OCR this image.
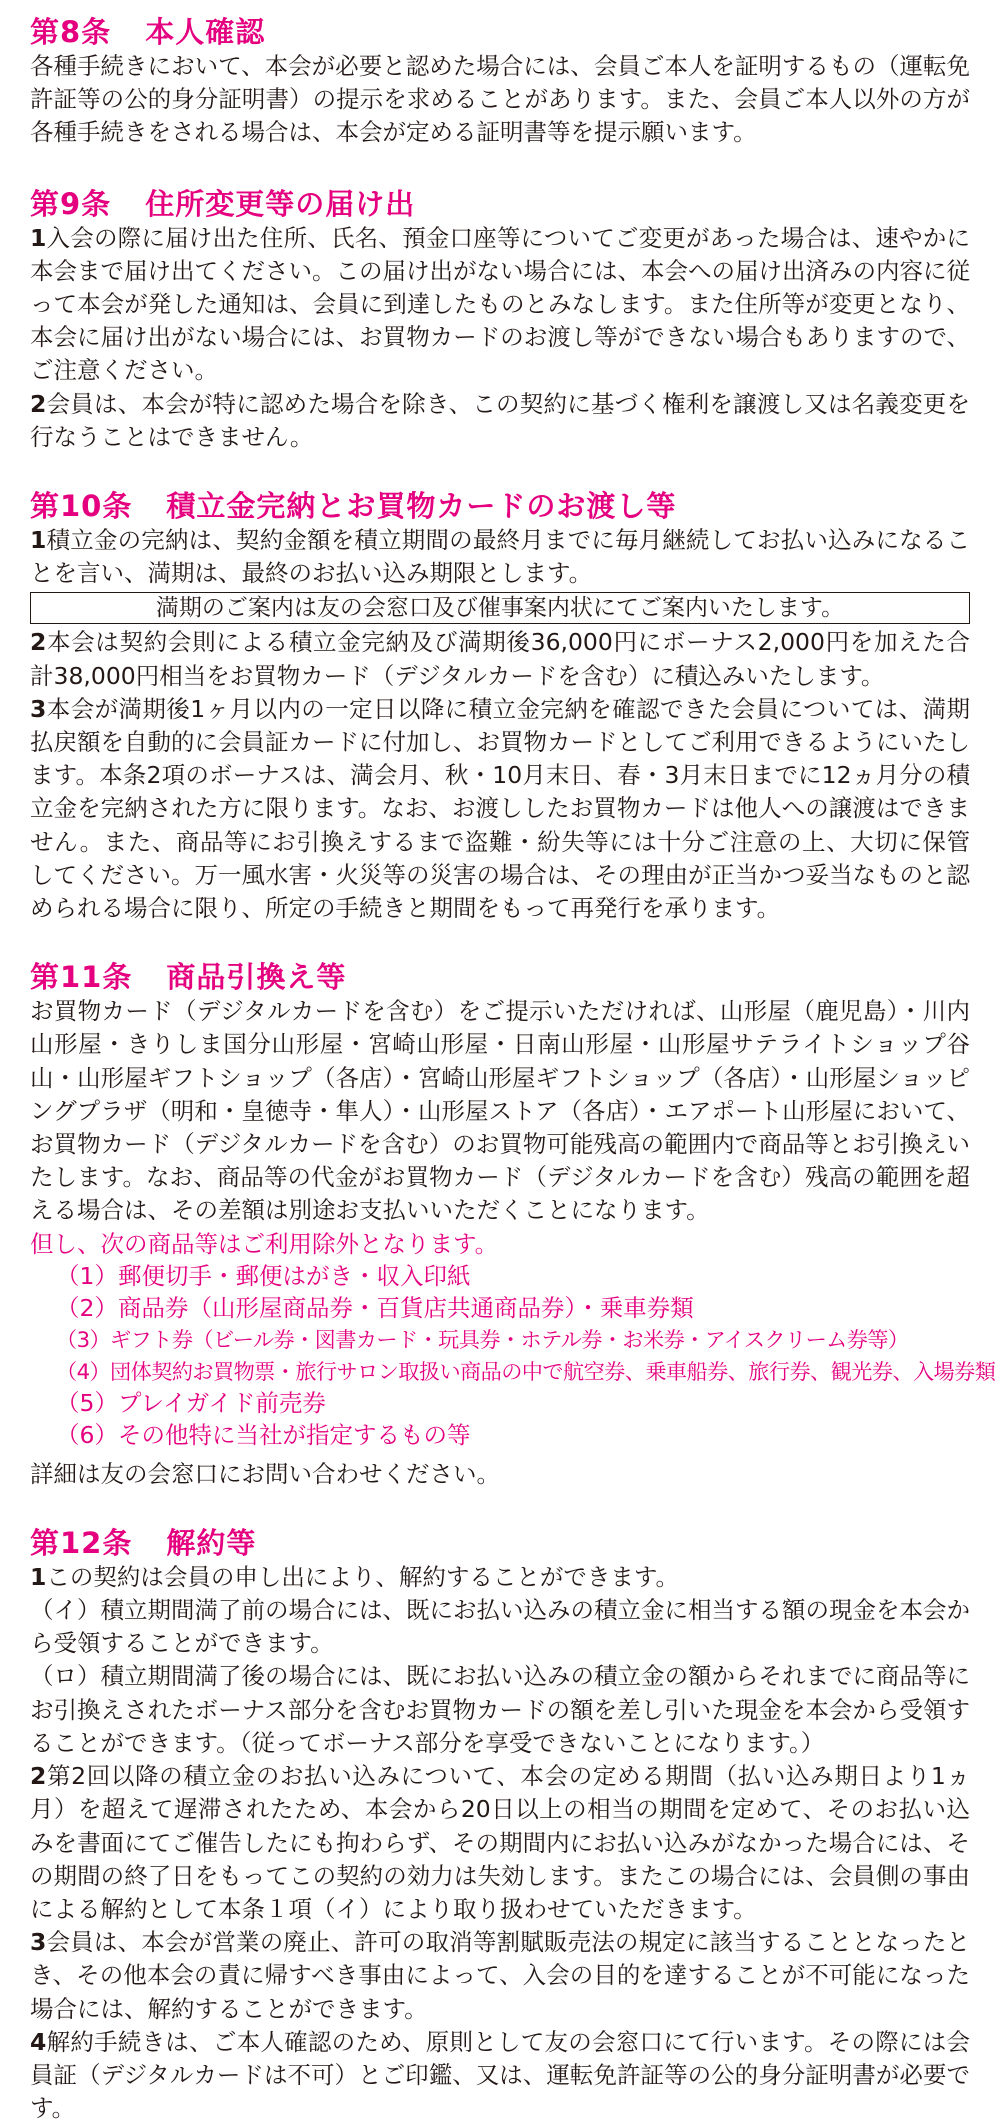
第8条 本人確認

各種手続きにおいて、本会が必要と認めた場合には、会員ご本人を証明するもの（運転免許証等の公的身分証明書）の提示を求めることがあります。また、会員ご本人以外の方が各種手続きをされる場合は、本会が定める証明書等を提示願います。

第9条 住所変更等の届け出

1入会の際に届け出た住所、氏名、預金口座等についてご変更があった場合は、速やかに本会まで届け出てください。この届け出がない場合には、本会への届け出済みの内容に従って本会が発した通知は、会員に到達したものとみなします。また住所等が変更となり、本会に届け出がない場合には、お買物カードのお渡し等ができない場合もありますので、ご注意ください。

2会員は、本会が特に認めた場合を除き、この契約に基づく権利を譲渡し又は名義変更を行なうことはできません。

第10条 積立金完納とお買物カードのお渡し等

1積立金の完納は、契約金額を積立期間の最終月までに毎月継続してお払い込みになることを言い、満期は、最終のお払い込み期限とします。

満期のご案内は友の会窓口及び催事案内状にてご案内いたします。

2本会は契約会則による積立金完納及び満期後36,000円にボーナス2,000円を加えた合計38,000円相当をお買物カード（デジタルカードを含む）に積込みいたします。

3本会が満期後1ヶ月以内の一定日以降に積立金完納を確認できた会員については、満期払戻額を自動的に会員証カードに付加し、お買物カードとしてご利用できるようにいたします。本条2項のボーナスは、満会月、秋・10月末日、春・3月末日までに12ヵ月分の積立金を完納された方に限ります。なお、お渡ししたお買物カードは他人への譲渡はできません。また、商品等にお引換えするまで盗難・紛失等には十分ご注意の上、大切に保管してください。万一風水害・火災等の災害の場合は、その理由が正当かつ妥当なものと認められる場合に限り、所定の手続きと期間をもって再発行を承ります。

第11条 商品引換え等

お買物カード（デジタルカードを含む）をご提示いただければ、山形屋（鹿児島）・川内山形屋・きりしま国分山形屋・宮崎山形屋・日南山形屋・山形屋サテライトショップ谷山・山形屋ギフトショップ（各店）・宮崎山形屋ギフトショップ（各店）・山形屋ショッピングプラザ（明和・皇徳寺・隼人）・山形屋ストア（各店）・エアポート山形屋において、お買物カード（デジタルカードを含む）のお買物可能残高の範囲内で商品等とお引換えいたします。なお、商品等の代金がお買物カード（デジタルカードを含む）残高の範囲を超える場合は、その差額は別途お支払いいただくことになります。

但し、次の商品等はご利用除外となります。

（1）郵便切手・郵便はがき・収入印紙
（2）商品券（山形屋商品券・百貨店共通商品券）・乗車券類
（3）ギフト券（ビール券・図書カード・玩具券・ホテル券・お米券・アイスクリーム券等）
（4）団体契約お買物票・旅行サロン取扱い商品の中で航空券、乗車船券、旅行券、観光券、入場券類
（5）プレイガイド前売券
（6）その他特に当社が指定するもの等

詳細は友の会窓口にお問い合わせください。

第12条 解約等

1この契約は会員の申し出により、解約することができます。

（イ）積立期間満了前の場合には、既にお払い込みの積立金に相当する額の現金を本会から受領することができます。

（ロ）積立期間満了後の場合には、既にお払い込みの積立金の額からそれまでに商品等にお引換えされたボーナス部分を含むお買物カードの額を差し引いた現金を本会から受領することができます。（従ってボーナス部分を享受できないことになります。）

2第2回以降の積立金のお払い込みについて、本会の定める期間（払い込み期日より1ヵ月）を超えて遅滞されたため、本会から20日以上の相当の期間を定めて、そのお払い込みを書面にてご催告したにも拘わらず、その期間内にお払い込みがなかった場合には、その期間の終了日をもってこの契約の効力は失効します。またこの場合には、会員側の事由による解約として本条１項（イ）により取り扱わせていただきます。

3会員は、本会が営業の廃止、許可の取消等割賦販売法の規定に該当することとなったとき、その他本会の責に帰すべき事由によって、入会の目的を達することが不可能になった場合には、解約することができます。

4解約手続きは、ご本人確認のため、原則として友の会窓口にて行います。その際には会員証（デジタルカードは不可）とご印鑑、又は、運転免許証等の公的身分証明書が必要です。
